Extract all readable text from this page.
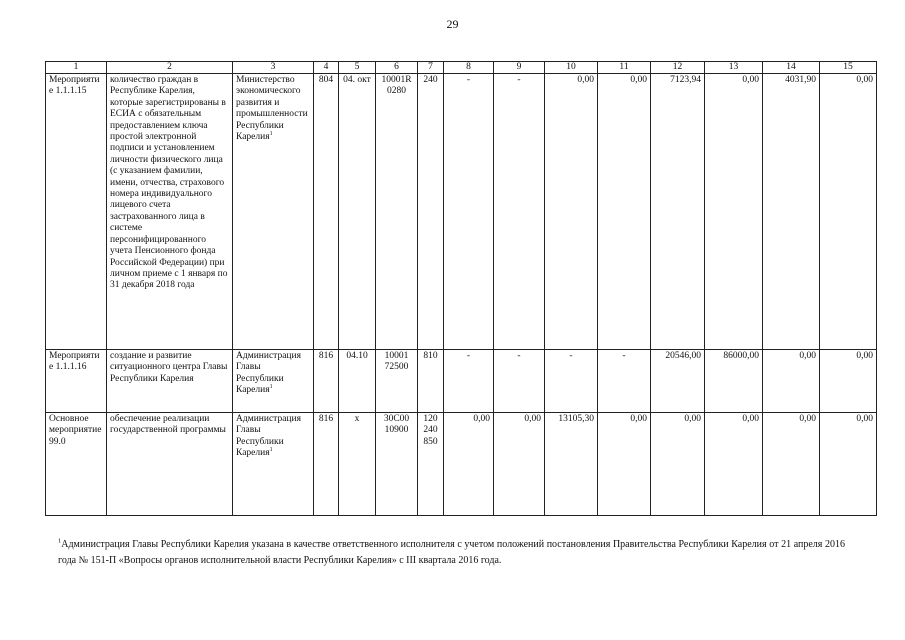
29
1	2	3	4	5	6	7	8	9	10	11	12	13	14	15
Мероприятие 1.1.1.15	количество граждан в Республике Карелия, которые зарегистрированы в ЕСИА с обязательным предоставлением ключа простой электронной подписи и установлением личности физического лица (с указанием фамилии, имени, отчества, страхового номера индивидуального лицевого счета застрахованного лица в системе персонифицированного учета Пенсионного фонда Российской Федерации) при личном приеме с 1 января по 31 декабря 2018 года	Министерство экономического развития и промышленности Республики Карелия$^1$	804	04. окт	10001R 0280	240	-	-	0,00	0,00	7123,94	0,00	4031,90	0,00
Мероприятие 1.1.1.16	создание и развитие ситуационного центра Главы Республики Карелия	Администрация Главы Республики Карелия$^1$	816	04.10	10001 72500	810	-	-	-	-	20546,00	86000,00	0,00	0,00
Основное мероприятие 99.0	обеспечение реализации государственной программы	Администрация Главы Республики Карелия$^1$	816	х	30С00 10900	120 240 850	0,00	0,00	13105,30	0,00	0,00	0,00	0,00	0,00
$^1$Администрация Главы Республики Карелия указана в качестве ответственного исполнителя с учетом положений постановления Правительства Республики Карелия от 21 апреля 2016 года № 151-П «Вопросы органов исполнительной власти Республики Карелия» с III квартала 2016 года.
